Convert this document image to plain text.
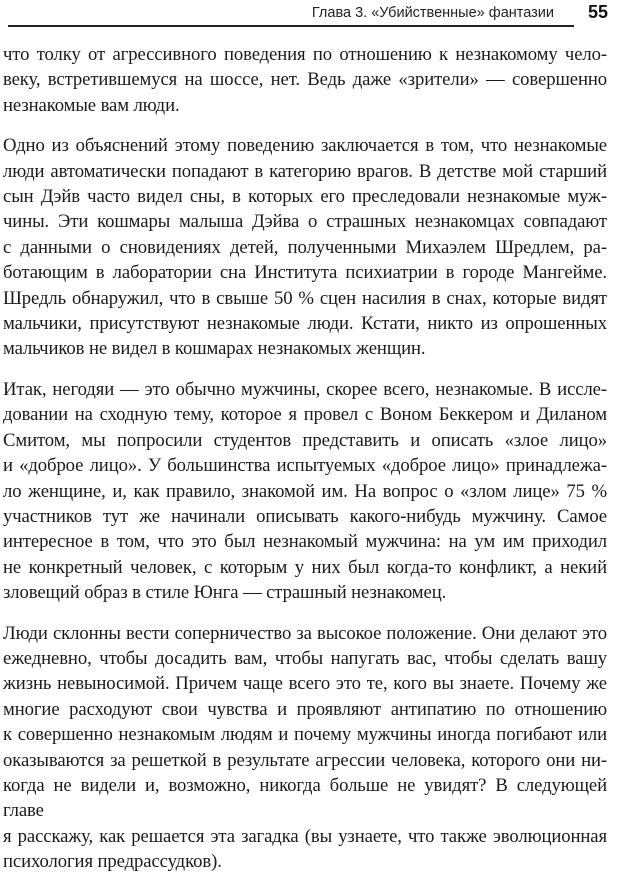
Глава 3. «Убийственные» фантазии 55

что толку от агрессивного поведения по отношению к незнакомому чело-
веку, встретившемуся на шоссе, нет. Ведь даже «зрители» — совершенно
незнакомые вам люди.

Одно из объяснений этому поведению заключается в том, что незнакомые
люди автоматически попадают в категорию врагов. В детстве мой старший
сын Дэйв часто видел сны, в которых его преследовали незнакомые муж-
чины. Эти кошмары малыша Дэйва о страшных незнакомцах совпадают
с данными о сновидениях детей, полученными Михаэлем Шредлем, ра-
ботающим в лаборатории сна Института психиатрии в городе Мангейме.
Шредль обнаружил, что в свыше 50 % сцен насилия в снах, которые видят
мальчики, присутствуют незнакомые люди. Кстати, никто из опрошенных
мальчиков не видел в кошмарах незнакомых женщин.

Итак, негодяи — это обычно мужчины, скорее всего, незнакомые. В иссле-
довании на сходную тему, которое я провел с Воном Беккером и Диланом
Смитом, мы попросили студентов представить и описать «злое лицо»
и «доброе лицо». У большинства испытуемых «доброе лицо» принадлежа-
ло женщине, и, как правило, знакомой им. На вопрос о «злом лице» 75 %
участников тут же начинали описывать какого-нибудь мужчину. Самое
интересное в том, что это был незнакомый мужчина: на ум им приходил
не конкретный человек, с которым у них был когда-то конфликт, а некий
зловещий образ в стиле Юнга — страшный незнакомец.

Люди склонны вести соперничество за высокое положение. Они делают это
ежедневно, чтобы досадить вам, чтобы напугать вас, чтобы сделать вашу
жизнь невыносимой. Причем чаще всего это те, кого вы знаете. Почему же
многие расходуют свои чувства и проявляют антипатию по отношению
к совершенно незнакомым людям и почему мужчины иногда погибают или
оказываются за решеткой в результате агрессии человека, которого они ни-
когда не видели и, возможно, никогда больше не увидят? В следующей главе
я расскажу, как решается эта загадка (вы узнаете, что также эволюционная
психология предрассудков).
